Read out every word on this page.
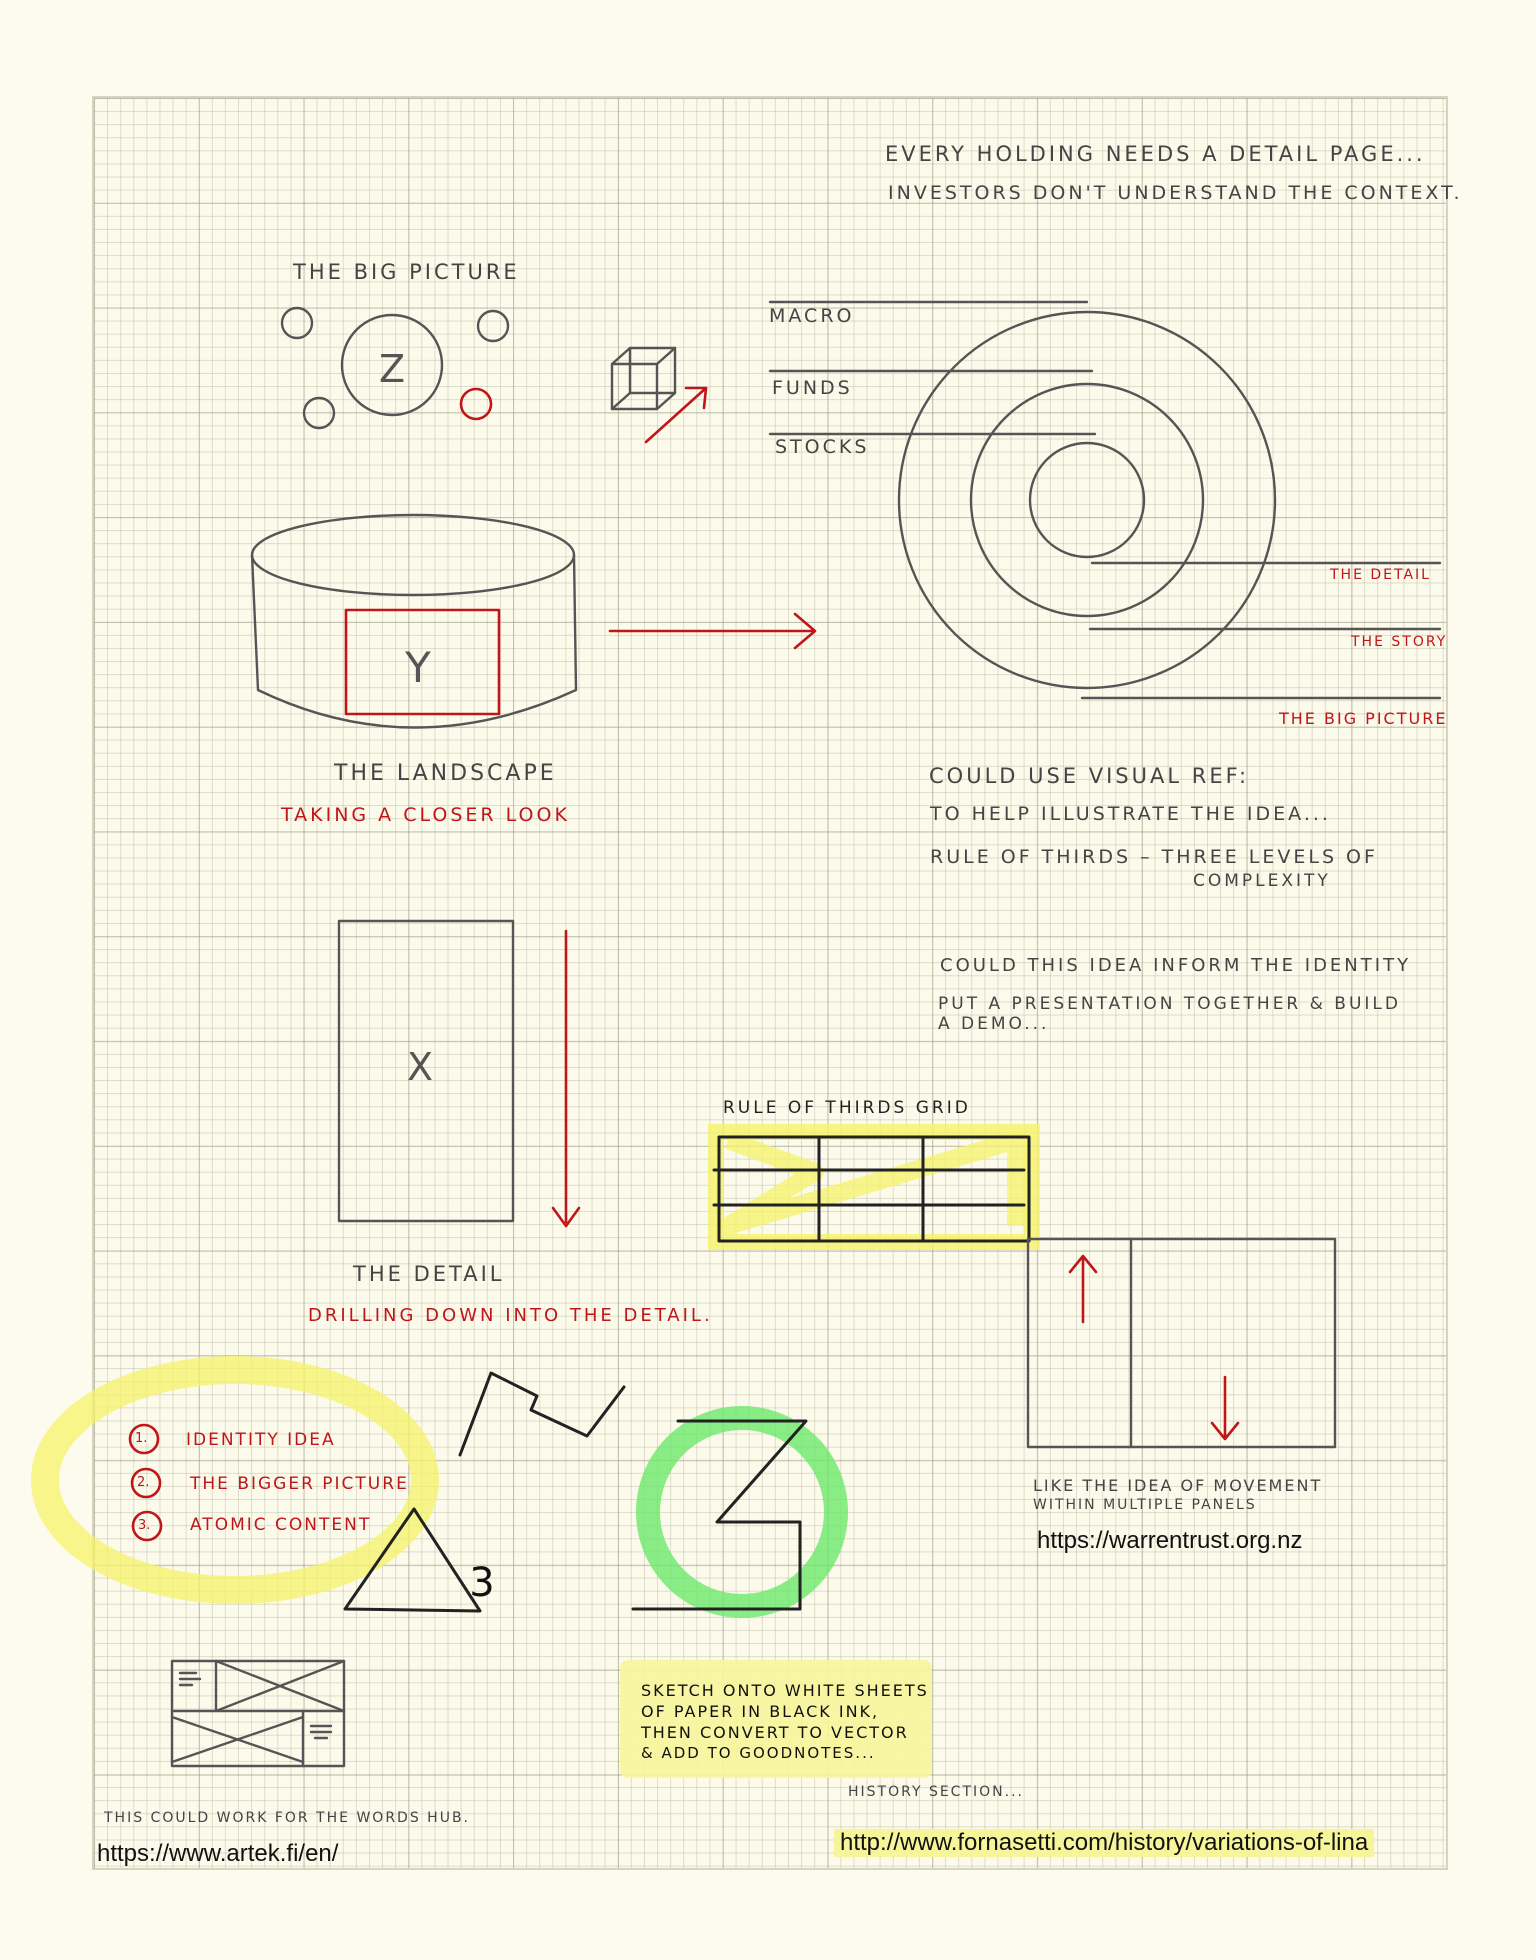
Z
Y
X
3
EVERY HOLDING NEEDS A DETAIL PAGE...
INVESTORS DON'T UNDERSTAND THE CONTEXT.
THE BIG PICTURE
MACRO
FUNDS
STOCKS
THE DETAIL
THE STORY
THE BIG PICTURE
THE LANDSCAPE
TAKING A CLOSER LOOK
COULD USE VISUAL REF:
TO HELP ILLUSTRATE THE IDEA...
RULE OF THIRDS – THREE LEVELS OF
COMPLEXITY
COULD THIS IDEA INFORM THE IDENTITY
PUT A PRESENTATION TOGETHER & BUILD
A DEMO...
THE DETAIL
DRILLING DOWN INTO THE DETAIL.
RULE OF THIRDS GRID
LIKE THE IDEA OF MOVEMENT
WITHIN MULTIPLE PANELS
https://warrentrust.org.nz
1. IDENTITY IDEA
2. THE BIGGER PICTURE
3. ATOMIC CONTENT
SKETCH ONTO WHITE SHEETS
OF PAPER IN BLACK INK,
THEN CONVERT TO VECTOR
& ADD TO GOODNOTES...
THIS COULD WORK FOR THE WORDS HUB.
https://www.artek.fi/en/
HISTORY SECTION...
http://www.fornasetti.com/history/variations-of-lina
